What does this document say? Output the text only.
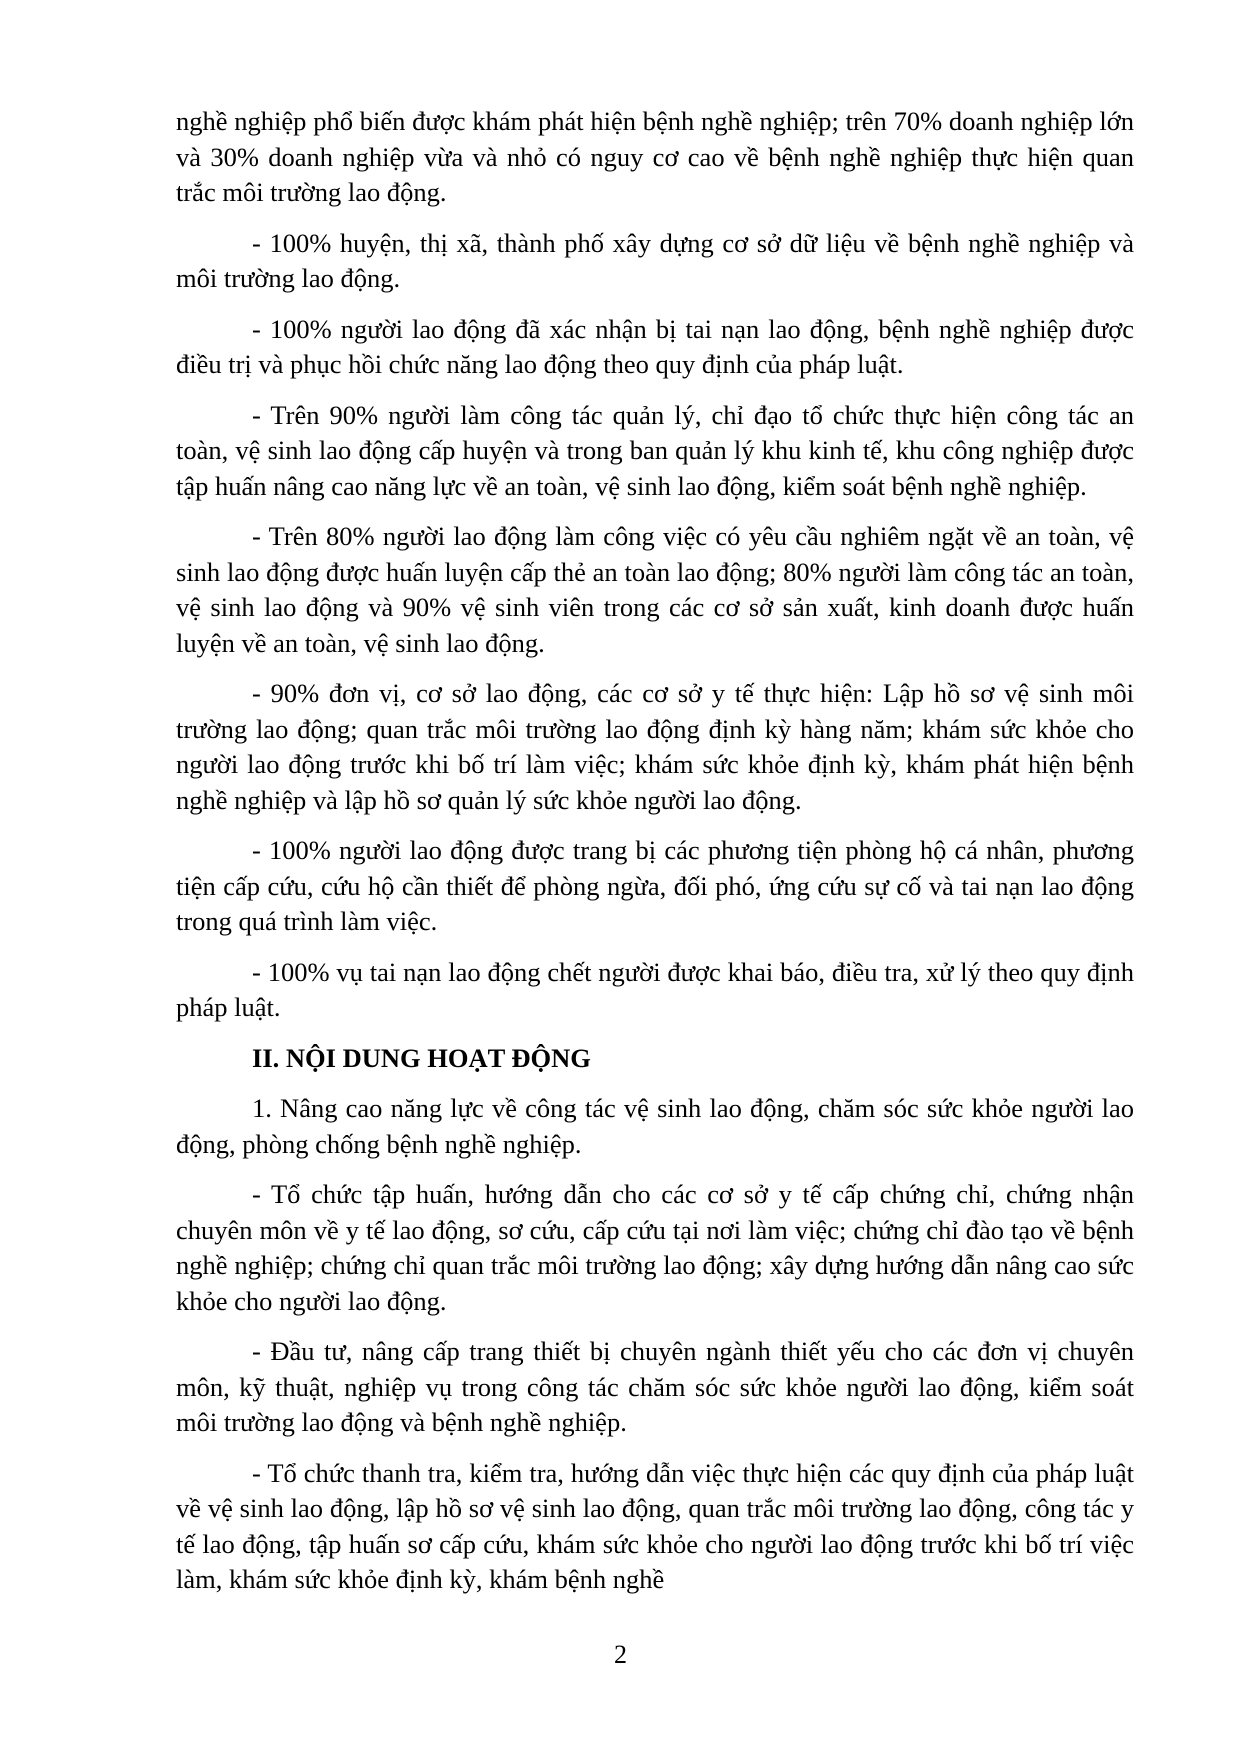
nghề nghiệp phổ biến được khám phát hiện bệnh nghề nghiệp; trên 70% doanh nghiệp lớn và 30% doanh nghiệp vừa và nhỏ có nguy cơ cao về bệnh nghề nghiệp thực hiện quan trắc môi trường lao động.

- 100% huyện, thị xã, thành phố xây dựng cơ sở dữ liệu về bệnh nghề nghiệp và môi trường lao động.

- 100% người lao động đã xác nhận bị tai nạn lao động, bệnh nghề nghiệp được điều trị và phục hồi chức năng lao động theo quy định của pháp luật.

- Trên 90% người làm công tác quản lý, chỉ đạo tổ chức thực hiện công tác an toàn, vệ sinh lao động cấp huyện và trong ban quản lý khu kinh tế, khu công nghiệp được tập huấn nâng cao năng lực về an toàn, vệ sinh lao động, kiểm soát bệnh nghề nghiệp.

- Trên 80% người lao động làm công việc có yêu cầu nghiêm ngặt về an toàn, vệ sinh lao động được huấn luyện cấp thẻ an toàn lao động; 80% người làm công tác an toàn, vệ sinh lao động và 90% vệ sinh viên trong các cơ sở sản xuất, kinh doanh được huấn luyện về an toàn, vệ sinh lao động.

- 90% đơn vị, cơ sở lao động, các cơ sở y tế thực hiện: Lập hồ sơ vệ sinh môi trường lao động; quan trắc môi trường lao động định kỳ hàng năm; khám sức khỏe cho người lao động trước khi bố trí làm việc; khám sức khỏe định kỳ, khám phát hiện bệnh nghề nghiệp và lập hồ sơ quản lý sức khỏe người lao động.

- 100% người lao động được trang bị các phương tiện phòng hộ cá nhân, phương tiện cấp cứu, cứu hộ cần thiết để phòng ngừa, đối phó, ứng cứu sự cố và tai nạn lao động trong quá trình làm việc.

- 100% vụ tai nạn lao động chết người được khai báo, điều tra, xử lý theo quy định pháp luật.

II. NỘI DUNG HOẠT ĐỘNG

1. Nâng cao năng lực về công tác vệ sinh lao động, chăm sóc sức khỏe người lao động, phòng chống bệnh nghề nghiệp.

- Tổ chức tập huấn, hướng dẫn cho các cơ sở y tế cấp chứng chỉ, chứng nhận chuyên môn về y tế lao động, sơ cứu, cấp cứu tại nơi làm việc; chứng chỉ đào tạo về bệnh nghề nghiệp; chứng chỉ quan trắc môi trường lao động; xây dựng hướng dẫn nâng cao sức khỏe cho người lao động.

- Đầu tư, nâng cấp trang thiết bị chuyên ngành thiết yếu cho các đơn vị chuyên môn, kỹ thuật, nghiệp vụ trong công tác chăm sóc sức khỏe người lao động, kiểm soát môi trường lao động và bệnh nghề nghiệp.

- Tổ chức thanh tra, kiểm tra, hướng dẫn việc thực hiện các quy định của pháp luật về vệ sinh lao động, lập hồ sơ vệ sinh lao động, quan trắc môi trường lao động, công tác y tế lao động, tập huấn sơ cấp cứu, khám sức khỏe cho người lao động trước khi bố trí việc làm, khám sức khỏe định kỳ, khám bệnh nghề

2
